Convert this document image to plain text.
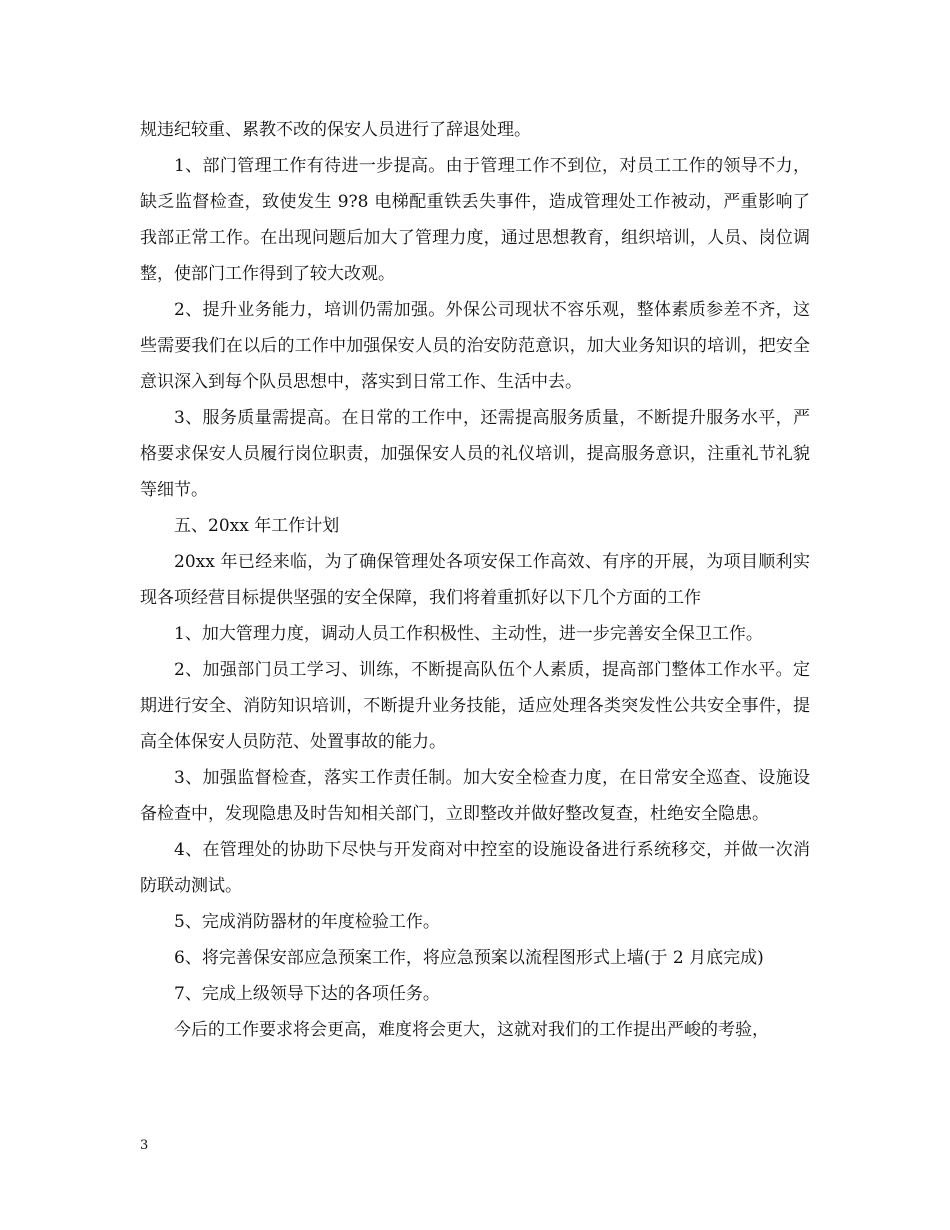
规违纪较重、累教不改的保安人员进行了辞退处理。

1、部门管理工作有待进一步提高。由于管理工作不到位，对员工工作的领导不力，缺乏监督检查，致使发生 9?8 电梯配重铁丢失事件，造成管理处工作被动，严重影响了我部正常工作。在出现问题后加大了管理力度，通过思想教育，组织培训，人员、岗位调整，使部门工作得到了较大改观。

2、提升业务能力，培训仍需加强。外保公司现状不容乐观，整体素质参差不齐，这些需要我们在以后的工作中加强保安人员的治安防范意识，加大业务知识的培训，把安全意识深入到每个队员思想中，落实到日常工作、生活中去。

3、服务质量需提高。在日常的工作中，还需提高服务质量，不断提升服务水平，严格要求保安人员履行岗位职责，加强保安人员的礼仪培训，提高服务意识，注重礼节礼貌等细节。

五、20xx 年工作计划

20xx 年已经来临，为了确保管理处各项安保工作高效、有序的开展，为项目顺利实现各项经营目标提供坚强的安全保障，我们将着重抓好以下几个方面的工作

1、加大管理力度，调动人员工作积极性、主动性，进一步完善安全保卫工作。

2、加强部门员工学习、训练，不断提高队伍个人素质，提高部门整体工作水平。定期进行安全、消防知识培训，不断提升业务技能，适应处理各类突发性公共安全事件，提高全体保安人员防范、处置事故的能力。

3、加强监督检查，落实工作责任制。加大安全检查力度，在日常安全巡查、设施设备检查中，发现隐患及时告知相关部门，立即整改并做好整改复查，杜绝安全隐患。

4、在管理处的协助下尽快与开发商对中控室的设施设备进行系统移交，并做一次消防联动测试。

5、完成消防器材的年度检验工作。

6、将完善保安部应急预案工作，将应急预案以流程图形式上墙(于 2 月底完成)

7、完成上级领导下达的各项任务。

今后的工作要求将会更高，难度将会更大，这就对我们的工作提出严峻的考验，

3
